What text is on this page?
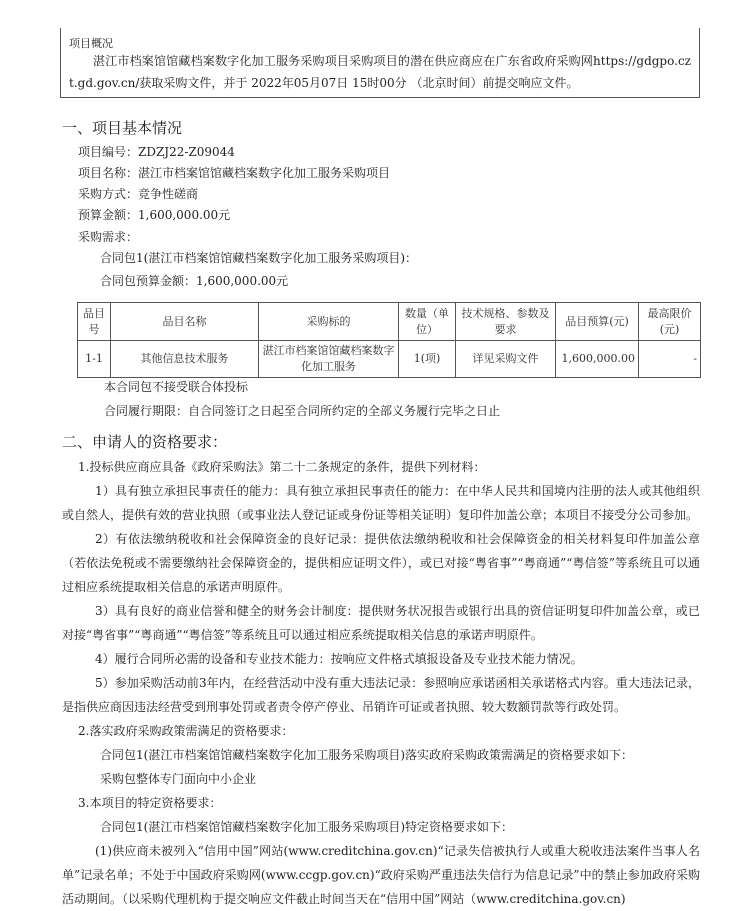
项目概况
湛江市档案馆馆藏档案数字化加工服务采购项目采购项目的潜在供应商应在广东省政府采购网https://gdgpo.czt.gd.gov.cn/获取采购文件，并于 2022年05月07日 15时00分 （北京时间）前提交响应文件。
一、项目基本情况
项目编号：ZDZJ22-Z09044
项目名称：湛江市档案馆馆藏档案数字化加工服务采购项目
采购方式：竞争性磋商
预算金额：1,600,000.00元
采购需求：
合同包1(湛江市档案馆馆藏档案数字化加工服务采购项目)：
合同包预算金额：1,600,000.00元
品目号	品目名称	采购标的	数量（单位）	技术规格、参数及要求	品目预算(元)	最高限价(元)
1-1	其他信息技术服务	湛江市档案馆馆藏档案数字化加工服务	1(项)	详见采购文件	1,600,000.00	-
本合同包不接受联合体投标
合同履行期限：自合同签订之日起至合同所约定的全部义务履行完毕之日止
二、申请人的资格要求：
1.投标供应商应具备《政府采购法》第二十二条规定的条件，提供下列材料：
1）具有独立承担民事责任的能力：具有独立承担民事责任的能力：在中华人民共和国境内注册的法人或其他组织或自然人，提供有效的营业执照（或事业法人登记证或身份证等相关证明）复印件加盖公章；本项目不接受分公司参加。
2）有依法缴纳税收和社会保障资金的良好记录：提供依法缴纳税收和社会保障资金的相关材料复印件加盖公章（若依法免税或不需要缴纳社会保障资金的，提供相应证明文件），或已对接“粤省事”“粤商通”“粤信签”等系统且可以通过相应系统提取相关信息的承诺声明原件。
3）具有良好的商业信誉和健全的财务会计制度：提供财务状况报告或银行出具的资信证明复印件加盖公章，或已对接“粤省事”“粤商通”“粤信签”等系统且可以通过相应系统提取相关信息的承诺声明原件。
4）履行合同所必需的设备和专业技术能力：按响应文件格式填报设备及专业技术能力情况。
5）参加采购活动前3年内，在经营活动中没有重大违法记录：参照响应承诺函相关承诺格式内容。重大违法记录，是指供应商因违法经营受到刑事处罚或者责令停产停业、吊销许可证或者执照、较大数额罚款等行政处罚。
2.落实政府采购政策需满足的资格要求：
合同包1(湛江市档案馆馆藏档案数字化加工服务采购项目)落实政府采购政策需满足的资格要求如下：
采购包整体专门面向中小企业
3.本项目的特定资格要求：
合同包1(湛江市档案馆馆藏档案数字化加工服务采购项目)特定资格要求如下：
(1)供应商未被列入“信用中国”网站(www.creditchina.gov.cn)“记录失信被执行人或重大税收违法案件当事人名单”记录名单；不处于中国政府采购网(www.ccgp.gov.cn)“政府采购严重违法失信行为信息记录”中的禁止参加政府采购活动期间。（以采购代理机构于提交响应文件截止时间当天在“信用中国”网站（www.creditchina.gov.cn)
